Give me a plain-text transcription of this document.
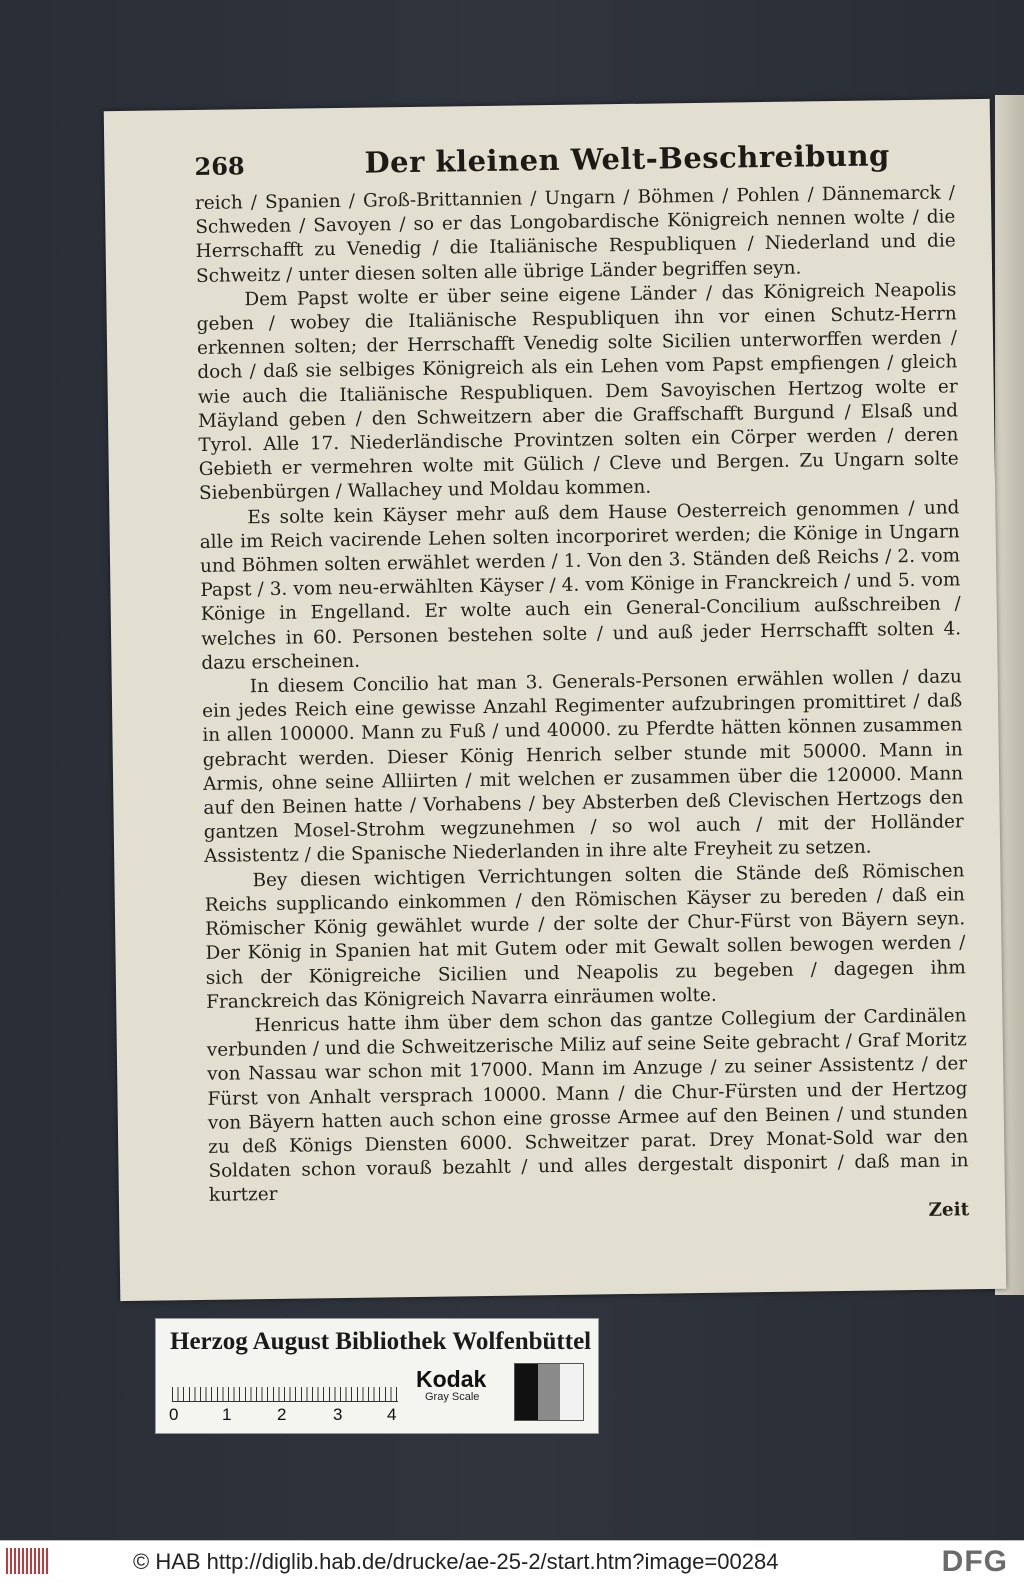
268	Der kleinen Welt-Beschreibung

reich / Spanien / Groß-Brittannien / Ungarn / Böhmen / Pohlen / Dännemarck / Schweden / Savoyen / so er das Longobardische Königreich nennen wolte / die Herrschafft zu Venedig / die Italiänische Respubliquen / Niederland und die Schweitz / unter diesen solten alle übrige Länder begriffen seyn.

Dem Papst wolte er über seine eigene Länder / das Königreich Neapolis geben / wobey die Italiänische Respubliquen ihn vor einen Schutz-Herrn erkennen solten; der Herrschafft Venedig solte Sicilien unterworffen werden / doch / daß sie selbiges Königreich als ein Lehen vom Papst empfiengen / gleich wie auch die Italiänische Respubliquen. Dem Savoyischen Hertzog wolte er Mäyland geben / den Schweitzern aber die Graffschafft Burgund / Elsaß und Tyrol. Alle 17. Niederländische Provintzen solten ein Cörper werden / deren Gebieth er vermehren wolte mit Gülich / Cleve und Bergen. Zu Ungarn solte Siebenbürgen / Wallachey und Moldau kommen.

Es solte kein Käyser mehr auß dem Hause Oesterreich genommen / und alle im Reich vacirende Lehen solten incorporiret werden; die Könige in Ungarn und Böhmen solten erwählet werden / 1. Von den 3. Ständen deß Reichs / 2. vom Papst / 3. vom neu-erwählten Käyser / 4. vom Könige in Franckreich / und 5. vom Könige in Engelland. Er wolte auch ein General-Concilium außschreiben / welches in 60. Personen bestehen solte / und auß jeder Herrschafft solten 4. dazu erscheinen.

In diesem Concilio hat man 3. Generals-Personen erwählen wollen / dazu ein jedes Reich eine gewisse Anzahl Regimenter aufzubringen promittiret / daß in allen 100000. Mann zu Fuß / und 40000. zu Pferdte hätten können zusammen gebracht werden. Dieser König Henrich selber stunde mit 50000. Mann in Armis, ohne seine Alliirten / mit welchen er zusammen über die 120000. Mann auf den Beinen hatte / Vorhabens / bey Absterben deß Clevischen Hertzogs den gantzen Mosel-Strohm wegzunehmen / so wol auch / mit der Holländer Assistentz / die Spanische Niederlanden in ihre alte Freyheit zu setzen.

Bey diesen wichtigen Verrichtungen solten die Stände deß Römischen Reichs supplicando einkommen / den Römischen Käyser zu bereden / daß ein Römischer König gewählet wurde / der solte der Chur-Fürst von Bäyern seyn. Der König in Spanien hat mit Gutem oder mit Gewalt sollen bewogen werden / sich der Königreiche Sicilien und Neapolis zu begeben / dagegen ihm Franckreich das Königreich Navarra einräumen wolte.

Henricus hatte ihm über dem schon das gantze Collegium der Cardinälen verbunden / und die Schweitzerische Miliz auf seine Seite gebracht / Graf Moritz von Nassau war schon mit 17000. Mann im Anzuge / zu seiner Assistentz / der Fürst von Anhalt versprach 10000. Mann / die Chur-Fürsten und der Hertzog von Bäyern hatten auch schon eine grosse Armee auf den Beinen / und stunden zu deß Königs Diensten 6000. Schweitzer parat. Drey Monat-Sold war den Soldaten schon vorauß bezahlt / und alles dergestalt disponirt / daß man in kurtzer

Zeit
Herzog August Bibliothek Wolfenbüttel
0	1	2	3	4
Kodak
Gray Scale
© HAB http://diglib.hab.de/drucke/ae-25-2/start.htm?image=00284	DFG
